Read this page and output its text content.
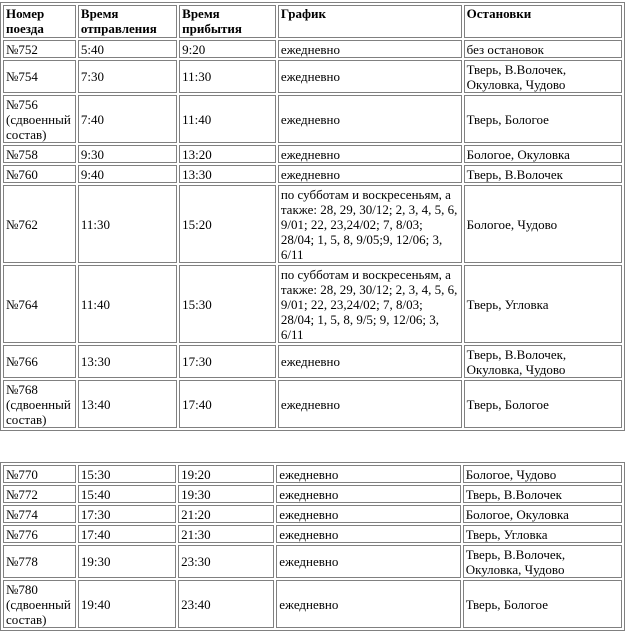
Номер поезда	Время отправления	Время прибытия	График	Остановки
№752	5:40	9:20	ежедневно	без остановок
№754	7:30	11:30	ежедневно	Тверь, В.Волочек, Окуловка, Чудово
№756 (сдвоенный состав)	7:40	11:40	ежедневно	Тверь, Бологое
№758	9:30	13:20	ежедневно	Бологое, Окуловка
№760	9:40	13:30	ежедневно	Тверь, В.Волочек
№762	11:30	15:20	по субботам и воскресеньям, а также: 28, 29, 30/12; 2, 3, 4, 5, 6, 9/01; 22, 23,24/02; 7, 8/03; 28/04; 1, 5, 8, 9/05;9, 12/06; 3, 6/11	Бологое, Чудово
№764	11:40	15:30	по субботам и воскресеньям, а также: 28, 29, 30/12; 2, 3, 4, 5, 6, 9/01; 22, 23,24/02; 7, 8/03; 28/04; 1, 5, 8, 9/5; 9, 12/06; 3, 6/11	Тверь, Угловка
№766	13:30	17:30	ежедневно	Тверь, В.Волочек, Окуловка, Чудово
№768 (сдвоенный состав)	13:40	17:40	ежедневно	Тверь, Бологое
№770	15:30	19:20	ежедневно	Бологое, Чудово
№772	15:40	19:30	ежедневно	Тверь, В.Волочек
№774	17:30	21:20	ежедневно	Бологое, Окуловка
№776	17:40	21:30	ежедневно	Тверь, Угловка
№778	19:30	23:30	ежедневно	Тверь, В.Волочек, Окуловка, Чудово
№780 (сдвоенный состав)	19:40	23:40	ежедневно	Тверь, Бологое
